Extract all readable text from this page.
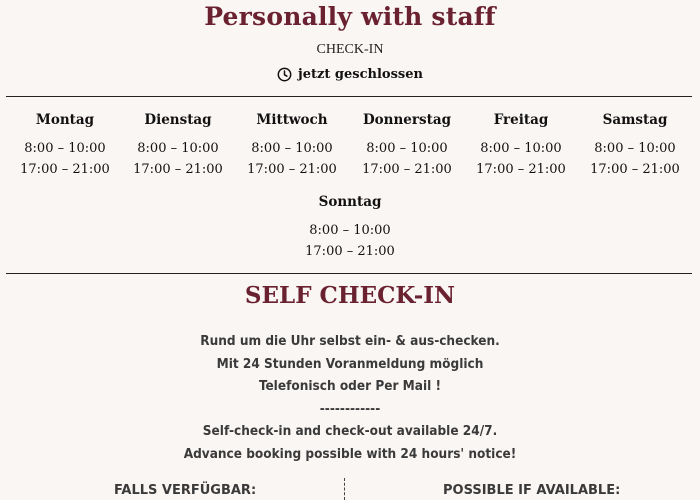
Personally with staff
CHECK-IN
jetzt geschlossen
Montag
8:00 – 10:00
17:00 – 21:00
Dienstag
8:00 – 10:00
17:00 – 21:00
Mittwoch
8:00 – 10:00
17:00 – 21:00
Donnerstag
8:00 – 10:00
17:00 – 21:00
Freitag
8:00 – 10:00
17:00 – 21:00
Samstag
8:00 – 10:00
17:00 – 21:00
Sonntag
8:00 – 10:00
17:00 – 21:00
SELF CHECK-IN
Rund um die Uhr selbst ein- & aus-checken.
Mit 24 Stunden Voranmeldung möglich
Telefonisch oder Per Mail !
------------
Self-check-in and check-out available 24/7.
Advance booking possible with 24 hours' notice!
FALLS VERFÜGBAR:	POSSIBLE IF AVAILABLE:
